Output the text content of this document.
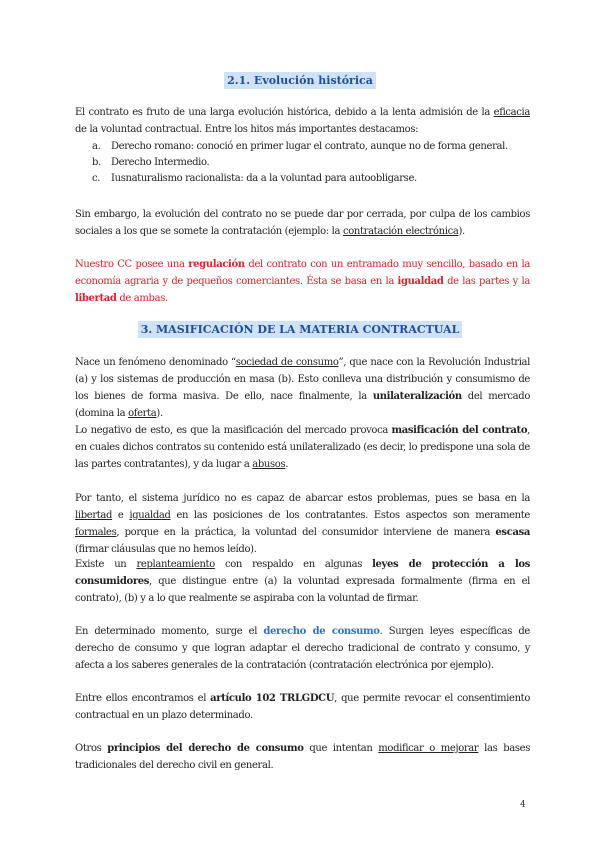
2.1. Evolución histórica
El contrato es fruto de una larga evolución histórica, debido a la lenta admisión de la eficacia de la voluntad contractual. Entre los hitos más importantes destacamos:
a.	Derecho romano: conoció en primer lugar el contrato, aunque no de forma general.
b.	Derecho Intermedio.
c.	Iusnaturalismo racionalista: da a la voluntad para autoobligarse.
Sin embargo, la evolución del contrato no se puede dar por cerrada, por culpa de los cambios sociales a los que se somete la contratación (ejemplo: la contratación electrónica).
Nuestro CC posee una regulación del contrato con un entramado muy sencillo, basado en la economía agraria y de pequeños comerciantes. Ésta se basa en la igualdad de las partes y la libertad de ambas.
3. MASIFICACIÓN DE LA MATERIA CONTRACTUAL
Nace un fenómeno denominado “sociedad de consumo”, que nace con la Revolución Industrial (a) y los sistemas de producción en masa (b). Esto conlleva una distribución y consumismo de los bienes de forma masiva. De ello, nace finalmente, la unilateralización del mercado (domina la oferta).
Lo negativo de esto, es que la masificación del mercado provoca masificación del contrato, en cuales dichos contratos su contenido está unilateralizado (es decir, lo predispone una sola de las partes contratantes), y da lugar a abusos.
Por tanto, el sistema jurídico no es capaz de abarcar estos problemas, pues se basa en la libertad e igualdad en las posiciones de los contratantes. Estos aspectos son meramente formales, porque en la práctica, la voluntad del consumidor interviene de manera escasa (firmar cláusulas que no hemos leído).
Existe un replanteamiento con respaldo en algunas leyes de protección a los consumidores, que distingue entre (a) la voluntad expresada formalmente (firma en el contrato), (b) y a lo que realmente se aspiraba con la voluntad de firmar.
En determinado momento, surge el derecho de consumo. Surgen leyes específicas de derecho de consumo y que logran adaptar el derecho tradicional de contrato y consumo, y afecta a los saberes generales de la contratación (contratación electrónica por ejemplo).
Entre ellos encontramos el artículo 102 TRLGDCU, que permite revocar el consentimiento contractual en un plazo determinado.
Otros principios del derecho de consumo que intentan modificar o mejorar las bases tradicionales del derecho civil en general.
4
